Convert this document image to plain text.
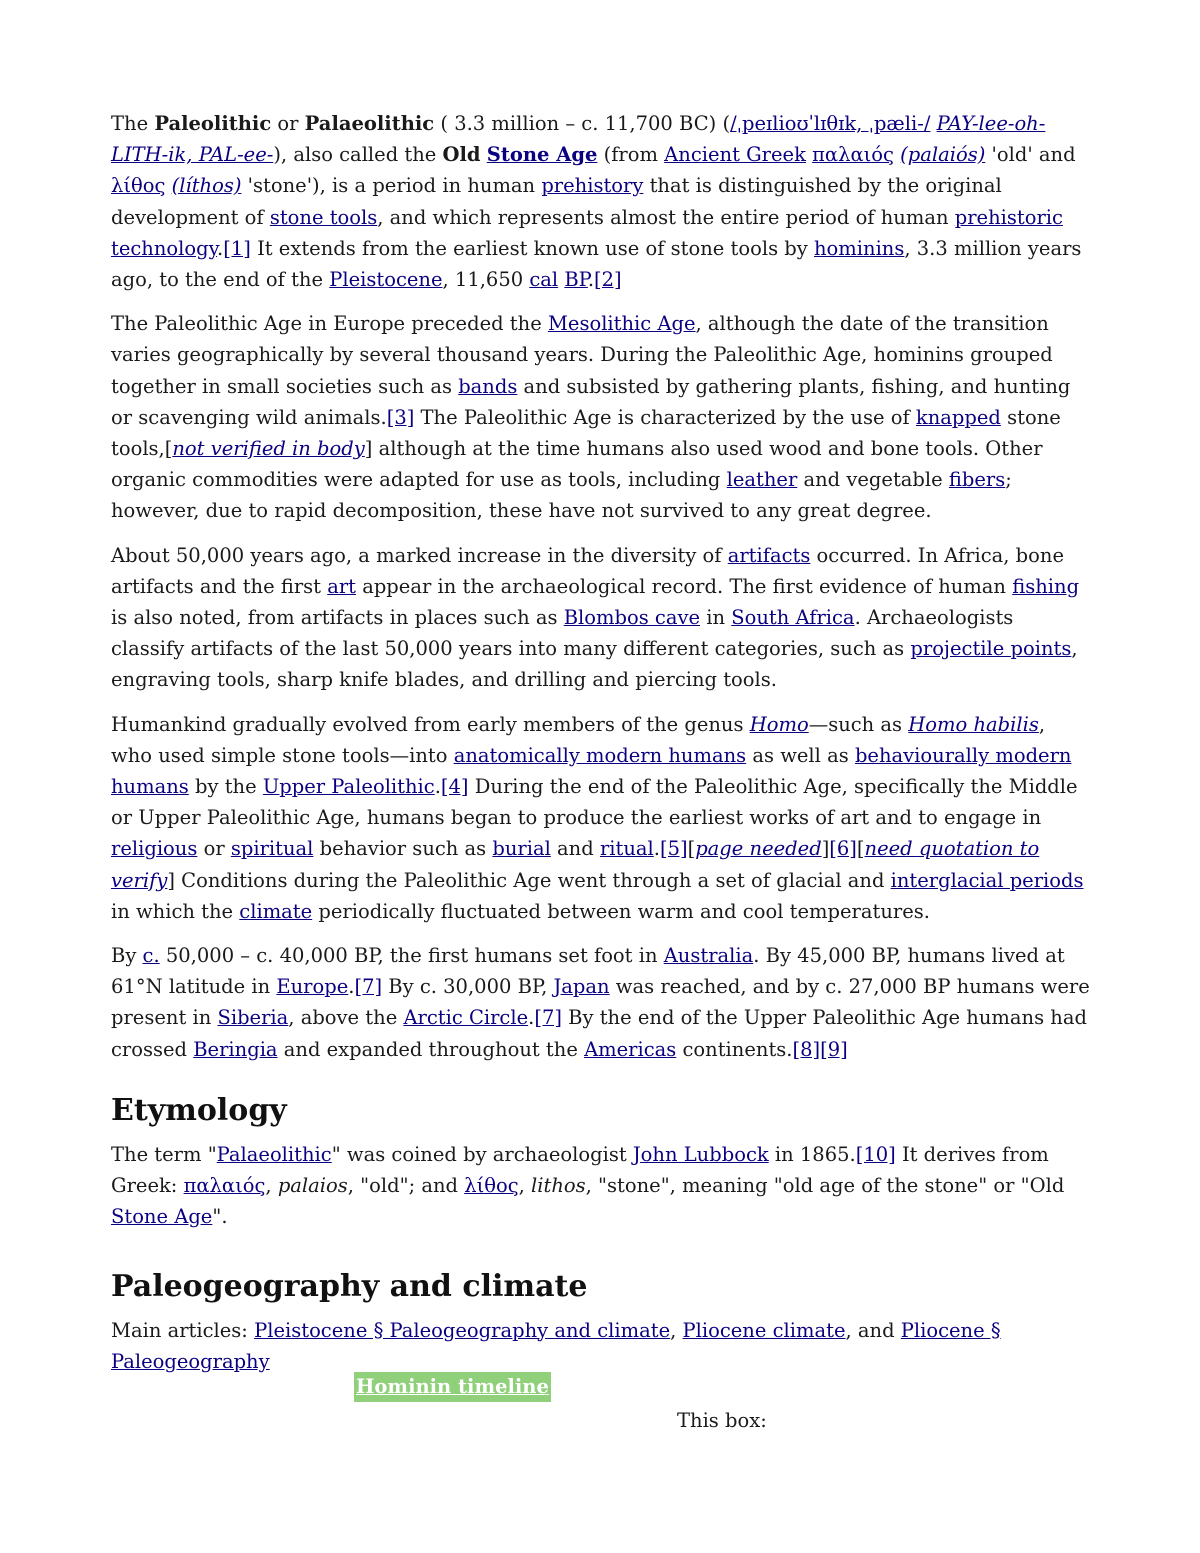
The Paleolithic or Palaeolithic ( 3.3 million – c. 11,700 BC) (/ˌpeɪlioʊˈlɪθɪk, ˌpæli-/ PAY-lee-oh-LITH-ik, PAL-ee-), also called the Old Stone Age (from Ancient Greek παλαιός (palaiós) 'old' and λίθος (líthos) 'stone'), is a period in human prehistory that is distinguished by the original development of stone tools, and which represents almost the entire period of human prehistoric technology.[1] It extends from the earliest known use of stone tools by hominins, 3.3 million years ago, to the end of the Pleistocene, 11,650 cal BP.[2]

The Paleolithic Age in Europe preceded the Mesolithic Age, although the date of the transition varies geographically by several thousand years. During the Paleolithic Age, hominins grouped together in small societies such as bands and subsisted by gathering plants, fishing, and hunting or scavenging wild animals.[3] The Paleolithic Age is characterized by the use of knapped stone tools,[not verified in body] although at the time humans also used wood and bone tools. Other organic commodities were adapted for use as tools, including leather and vegetable fibers; however, due to rapid decomposition, these have not survived to any great degree.

About 50,000 years ago, a marked increase in the diversity of artifacts occurred. In Africa, bone artifacts and the first art appear in the archaeological record. The first evidence of human fishing is also noted, from artifacts in places such as Blombos cave in South Africa. Archaeologists classify artifacts of the last 50,000 years into many different categories, such as projectile points, engraving tools, sharp knife blades, and drilling and piercing tools.

Humankind gradually evolved from early members of the genus Homo—such as Homo habilis, who used simple stone tools—into anatomically modern humans as well as behaviourally modern humans by the Upper Paleolithic.[4] During the end of the Paleolithic Age, specifically the Middle or Upper Paleolithic Age, humans began to produce the earliest works of art and to engage in religious or spiritual behavior such as burial and ritual.[5][page needed][6][need quotation to verify] Conditions during the Paleolithic Age went through a set of glacial and interglacial periods in which the climate periodically fluctuated between warm and cool temperatures.

By c. 50,000 – c. 40,000 BP, the first humans set foot in Australia. By 45,000 BP, humans lived at 61°N latitude in Europe.[7] By c. 30,000 BP, Japan was reached, and by c. 27,000 BP humans were present in Siberia, above the Arctic Circle.[7] By the end of the Upper Paleolithic Age humans had crossed Beringia and expanded throughout the Americas continents.[8][9]

Etymology

The term "Palaeolithic" was coined by archaeologist John Lubbock in 1865.[10] It derives from Greek: παλαιός, palaios, "old"; and λίθος, lithos, "stone", meaning "old age of the stone" or "Old Stone Age".

Paleogeography and climate

Main articles: Pleistocene § Paleogeography and climate, Pliocene climate, and Pliocene § Paleogeography

Hominin timeline
This box:
